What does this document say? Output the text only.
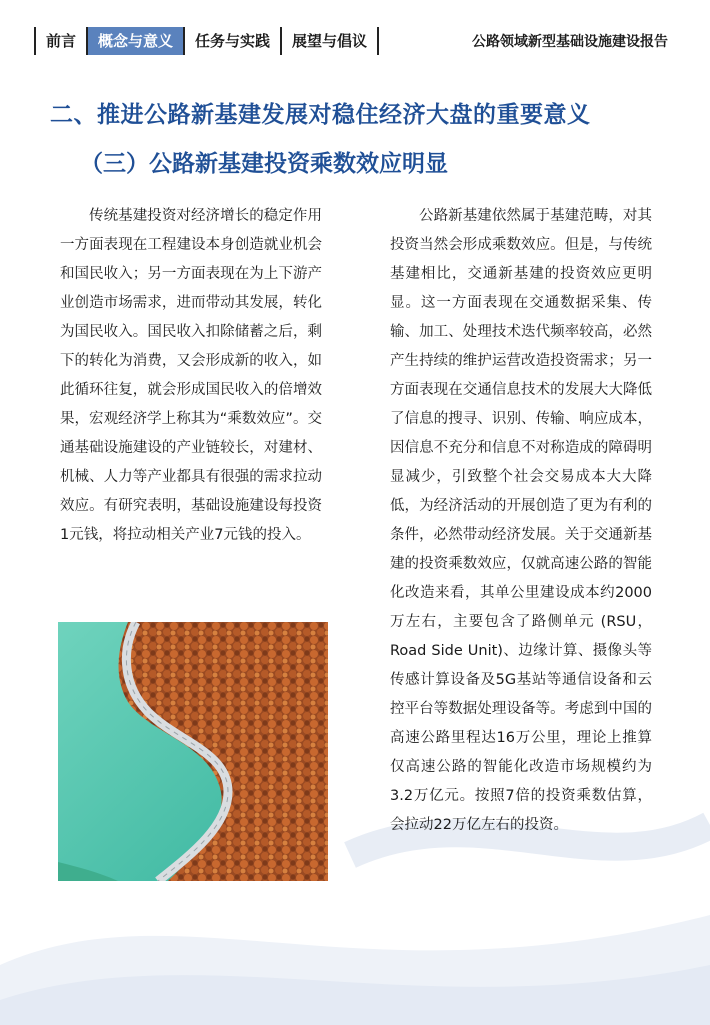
前言	概念与意义	任务与实践	展望与倡议	公路领域新型基础设施建设报告
二、推进公路新基建发展对稳住经济大盘的重要意义
（三）公路新基建投资乘数效应明显

传统基建投资对经济增长的稳定作用一方面表现在工程建设本身创造就业机会和国民收入；另一方面表现在为上下游产业创造市场需求，进而带动其发展，转化为国民收入。国民收入扣除储蓄之后，剩下的转化为消费，又会形成新的收入，如此循环往复，就会形成国民收入的倍增效果，宏观经济学上称其为“乘数效应”。交通基础设施建设的产业链较长，对建材、机械、人力等产业都具有很强的需求拉动效应。有研究表明，基础设施建设每投资1元钱，将拉动相关产业7元钱的投入。

公路新基建依然属于基建范畴，对其投资当然会形成乘数效应。但是，与传统基建相比，交通新基建的投资效应更明显。这一方面表现在交通数据采集、传输、加工、处理技术迭代频率较高，必然产生持续的维护运营改造投资需求；另一方面表现在交通信息技术的发展大大降低了信息的搜寻、识别、传输、响应成本，因信息不充分和信息不对称造成的障碍明显减少，引致整个社会交易成本大大降低，为经济活动的开展创造了更为有利的条件，必然带动经济发展。关于交通新基建的投资乘数效应，仅就高速公路的智能化改造来看，其单公里建设成本约2000万左右，主要包含了路侧单元 (RSU，Road Side Unit)、边缘计算、摄像头等传感计算设备及5G基站等通信设备和云控平台等数据处理设备等。考虑到中国的高速公路里程达16万公里，理论上推算仅高速公路的智能化改造市场规模约为3.2万亿元。按照7倍的投资乘数估算，会拉动22万亿左右的投资。
